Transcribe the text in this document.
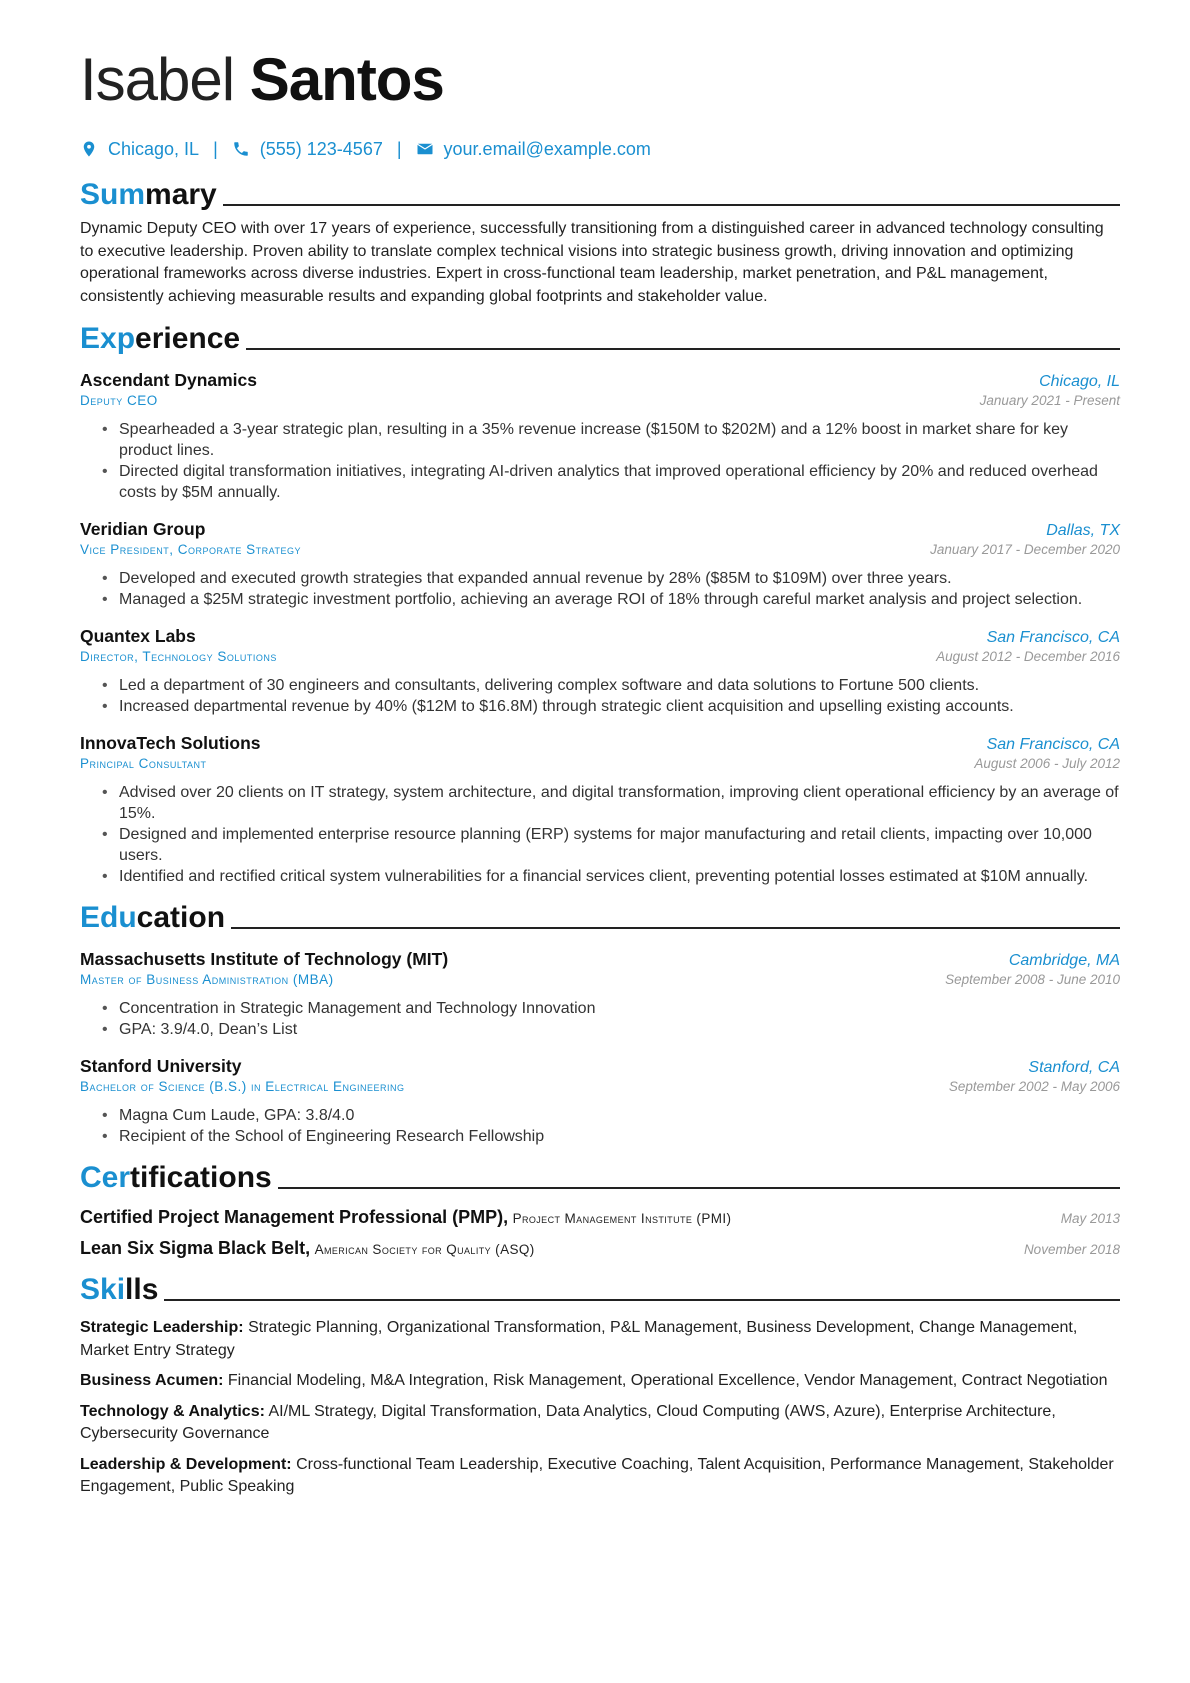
Isabel Santos
Chicago, IL | (555) 123-4567 | your.email@example.com
Summary
Dynamic Deputy CEO with over 17 years of experience, successfully transitioning from a distinguished career in advanced technology consulting to executive leadership. Proven ability to translate complex technical visions into strategic business growth, driving innovation and optimizing operational frameworks across diverse industries. Expert in cross-functional team leadership, market penetration, and P&L management, consistently achieving measurable results and expanding global footprints and stakeholder value.
Experience
Ascendant Dynamics	Chicago, IL
Deputy CEO	January 2021 - Present
• Spearheaded a 3-year strategic plan, resulting in a 35% revenue increase ($150M to $202M) and a 12% boost in market share for key product lines.
• Directed digital transformation initiatives, integrating AI-driven analytics that improved operational efficiency by 20% and reduced overhead costs by $5M annually.
Veridian Group	Dallas, TX
Vice President, Corporate Strategy	January 2017 - December 2020
• Developed and executed growth strategies that expanded annual revenue by 28% ($85M to $109M) over three years.
• Managed a $25M strategic investment portfolio, achieving an average ROI of 18% through careful market analysis and project selection.
Quantex Labs	San Francisco, CA
Director, Technology Solutions	August 2012 - December 2016
• Led a department of 30 engineers and consultants, delivering complex software and data solutions to Fortune 500 clients.
• Increased departmental revenue by 40% ($12M to $16.8M) through strategic client acquisition and upselling existing accounts.
InnovaTech Solutions	San Francisco, CA
Principal Consultant	August 2006 - July 2012
• Advised over 20 clients on IT strategy, system architecture, and digital transformation, improving client operational efficiency by an average of 15%.
• Designed and implemented enterprise resource planning (ERP) systems for major manufacturing and retail clients, impacting over 10,000 users.
• Identified and rectified critical system vulnerabilities for a financial services client, preventing potential losses estimated at $10M annually.
Education
Massachusetts Institute of Technology (MIT)	Cambridge, MA
Master of Business Administration (MBA)	September 2008 - June 2010
• Concentration in Strategic Management and Technology Innovation
• GPA: 3.9/4.0, Dean’s List
Stanford University	Stanford, CA
Bachelor of Science (B.S.) in Electrical Engineering	September 2002 - May 2006
• Magna Cum Laude, GPA: 3.8/4.0
• Recipient of the School of Engineering Research Fellowship
Certifications
Certified Project Management Professional (PMP), Project Management Institute (PMI)	May 2013
Lean Six Sigma Black Belt, American Society for Quality (ASQ)	November 2018
Skills
Strategic Leadership: Strategic Planning, Organizational Transformation, P&L Management, Business Development, Change Management, Market Entry Strategy
Business Acumen: Financial Modeling, M&A Integration, Risk Management, Operational Excellence, Vendor Management, Contract Negotiation
Technology & Analytics: AI/ML Strategy, Digital Transformation, Data Analytics, Cloud Computing (AWS, Azure), Enterprise Architecture, Cybersecurity Governance
Leadership & Development: Cross-functional Team Leadership, Executive Coaching, Talent Acquisition, Performance Management, Stakeholder Engagement, Public Speaking
